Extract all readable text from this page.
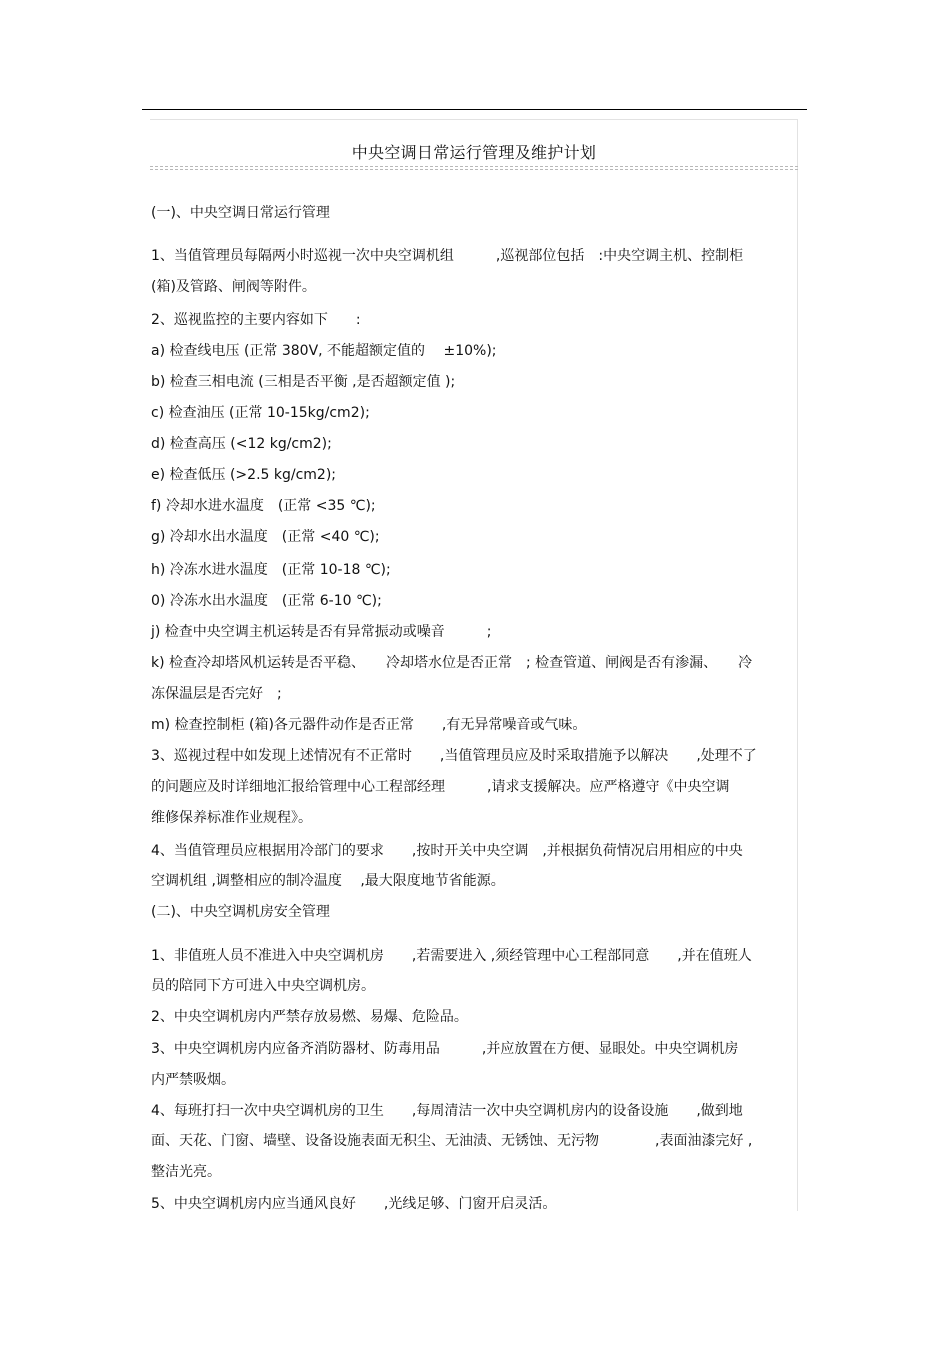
中央空调日常运行管理及维护计划
(一)、中央空调日常运行管理
1、当值管理员每隔两小时巡视一次中央空调机组　　　,巡视部位包括　:中央空调主机、控制柜
(箱)及管路、闸阀等附件。
2、巡视监控的主要内容如下　　:
a) 检查线电压 (正常 380V, 不能超额定值的　 ±10%);
b) 检查三相电流 (三相是否平衡 ,是否超额定值 );
c) 检查油压 (正常 10-15kg/cm2);
d) 检查高压 (<12 kg/cm2);
e) 检查低压 (>2.5 kg/cm2);
f) 冷却水进水温度　(正常 <35 ℃);
g) 冷却水出水温度　(正常 <40 ℃);
h) 冷冻水进水温度　(正常 10-18 ℃);
0) 冷冻水出水温度　(正常 6-10 ℃);
j) 检查中央空调主机运转是否有异常振动或噪音　　　;
k) 检查冷却塔风机运转是否平稳、　　冷却塔水位是否正常　; 检查管道、闸阀是否有渗漏、　　冷
冻保温层是否完好　;
m) 检查控制柜 (箱)各元器件动作是否正常　　,有无异常噪音或气味。
3、巡视过程中如发现上述情况有不正常时　　,当值管理员应及时采取措施予以解决　　,处理不了
的问题应及时详细地汇报给管理中心工程部经理　　　,请求支援解决。应严格遵守《中央空调
维修保养标准作业规程》。
4、当值管理员应根据用冷部门的要求　　,按时开关中央空调　,并根据负荷情况启用相应的中央
空调机组 ,调整相应的制冷温度　 ,最大限度地节省能源。
(二)、中央空调机房安全管理
1、非值班人员不准进入中央空调机房　　,若需要进入 ,须经管理中心工程部同意　　,并在值班人
员的陪同下方可进入中央空调机房。
2、中央空调机房内严禁存放易燃、易爆、危险品。
3、中央空调机房内应备齐消防器材、防毒用品　　　,并应放置在方便、显眼处。中央空调机房
内严禁吸烟。
4、每班打扫一次中央空调机房的卫生　　,每周清洁一次中央空调机房内的设备设施　　,做到地
面、天花、门窗、墙壁、设备设施表面无积尘、无油渍、无锈蚀、无污物　　　　,表面油漆完好 ,
整洁光亮。
5、中央空调机房内应当通风良好　　,光线足够、门窗开启灵活。
